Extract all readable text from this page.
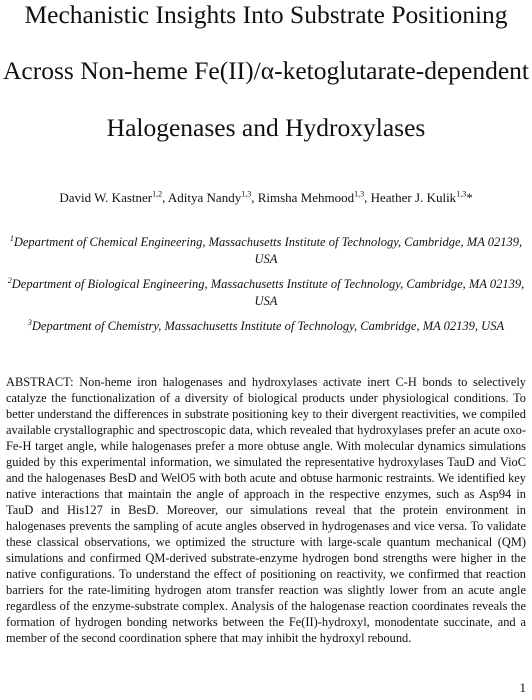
Mechanistic Insights Into Substrate Positioning
Across Non-heme Fe(II)/α-ketoglutarate-dependent
Halogenases and Hydroxylases
David W. Kastner$^{1,2}$, Aditya Nandy$^{1,3}$, Rimsha Mehmood$^{1,3}$, Heather J. Kulik$^{1,3}$*
$^1$Department of Chemical Engineering, Massachusetts Institute of Technology, Cambridge, MA 02139, USA
$^2$Department of Biological Engineering, Massachusetts Institute of Technology, Cambridge, MA 02139, USA
$^3$Department of Chemistry, Massachusetts Institute of Technology, Cambridge, MA 02139, USA
ABSTRACT: Non-heme iron halogenases and hydroxylases activate inert C-H bonds to selectively catalyze the functionalization of a diversity of biological products under physiological conditions. To better understand the differences in substrate positioning key to their divergent reactivities, we compiled available crystallographic and spectroscopic data, which revealed that hydroxylases prefer an acute oxo-Fe-H target angle, while halogenases prefer a more obtuse angle. With molecular dynamics simulations guided by this experimental information, we simulated the representative hydroxylases TauD and VioC and the halogenases BesD and WelO5 with both acute and obtuse harmonic restraints. We identified key native interactions that maintain the angle of approach in the respective enzymes, such as Asp94 in TauD and His127 in BesD. Moreover, our simulations reveal that the protein environment in halogenases prevents the sampling of acute angles observed in hydrogenases and vice versa. To validate these classical observations, we optimized the structure with large-scale quantum mechanical (QM) simulations and confirmed QM-derived substrate-enzyme hydrogen bond strengths were higher in the native configurations. To understand the effect of positioning on reactivity, we confirmed that reaction barriers for the rate-limiting hydrogen atom transfer reaction was slightly lower from an acute angle regardless of the enzyme-substrate complex. Analysis of the halogenase reaction coordinates reveals the formation of hydrogen bonding networks between the Fe(II)-hydroxyl, monodentate succinate, and a member of the second coordination sphere that may inhibit the hydroxyl rebound.
1
